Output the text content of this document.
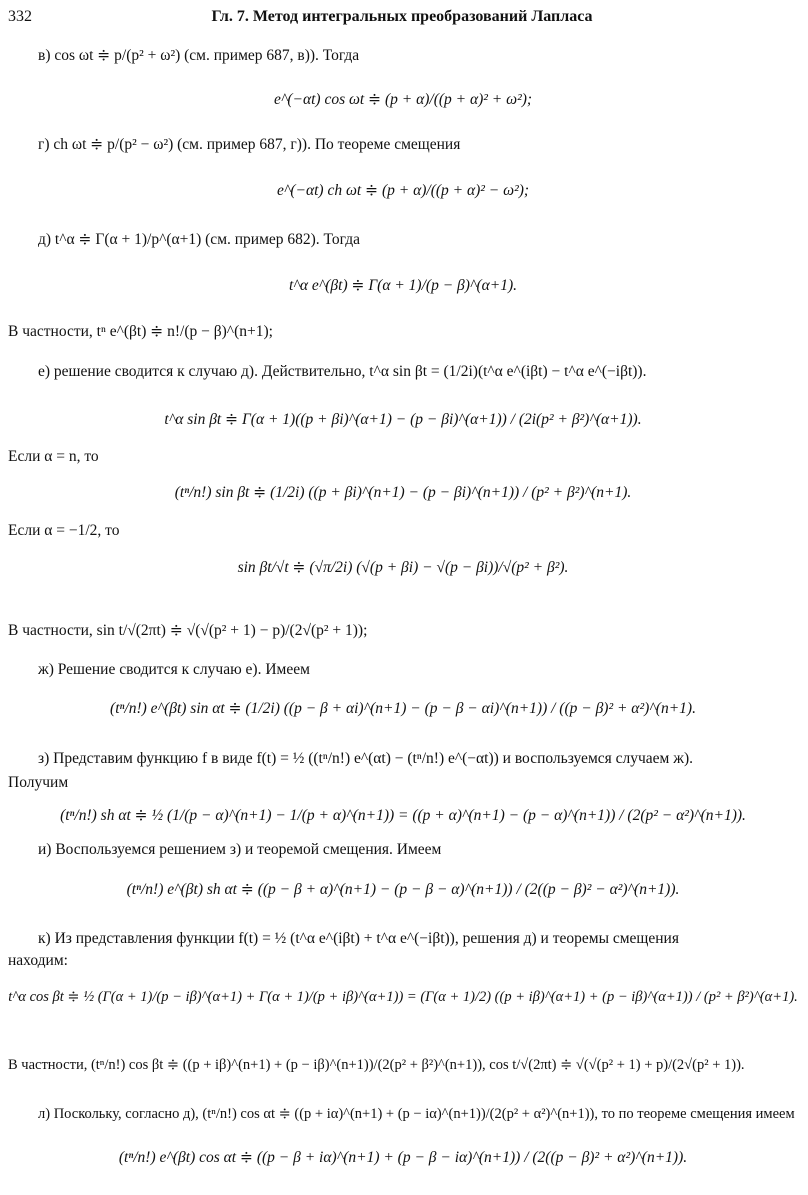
332	Гл. 7. Метод интегральных преобразований Лапласа
в) cos ωt ≑ p/(p² + ω²) (см. пример 687, в)). Тогда
e^(−αt) cos ωt ≑ (p + α)/((p + α)² + ω²);
г) ch ωt ≑ p/(p² − ω²) (см. пример 687, г)). По теореме смещения
e^(−αt) ch ωt ≑ (p + α)/((p + α)² − ω²);
д) t^α ≑ Γ(α + 1)/p^(α+1) (см. пример 682). Тогда
t^α e^(βt) ≑ Γ(α + 1)/(p − β)^(α+1).
В частности, tⁿ e^(βt) ≑ n!/(p − β)^(n+1);
е) решение сводится к случаю д). Действительно, t^α sin βt = (1/2i)(t^α e^(iβt) − t^α e^(−iβt)).
t^α sin βt ≑ Γ(α + 1)((p + βi)^(α+1) − (p − βi)^(α+1)) / (2i(p² + β²)^(α+1)).
Если α = n, то
(tⁿ/n!) sin βt ≑ (1/2i) ((p + βi)^(n+1) − (p − βi)^(n+1)) / (p² + β²)^(n+1).
Если α = −1/2, то
sin βt/√t ≑ (√π/2i) (√(p + βi) − √(p − βi))/√(p² + β²).
В частности, sin t/√(2πt) ≑ √(√(p² + 1) − p)/(2√(p² + 1));
ж) Решение сводится к случаю е). Имеем
(tⁿ/n!) e^(βt) sin αt ≑ (1/2i) ((p − β + αi)^(n+1) − (p − β − αi)^(n+1)) / ((p − β)² + α²)^(n+1).
з) Представим функцию f в виде f(t) = ½ ((tⁿ/n!) e^(αt) − (tⁿ/n!) e^(−αt)) и воспользуемся случаем ж).
Получим
(tⁿ/n!) sh αt ≑ ½ (1/(p − α)^(n+1) − 1/(p + α)^(n+1)) = ((p + α)^(n+1) − (p − α)^(n+1)) / (2(p² − α²)^(n+1)).
и) Воспользуемся решением з) и теоремой смещения. Имеем
(tⁿ/n!) e^(βt) sh αt ≑ ((p − β + α)^(n+1) − (p − β − α)^(n+1)) / (2((p − β)² − α²)^(n+1)).
к) Из представления функции f(t) = ½ (t^α e^(iβt) + t^α e^(−iβt)), решения д) и теоремы смещения
находим:
t^α cos βt ≑ ½ (Γ(α + 1)/(p − iβ)^(α+1) + Γ(α + 1)/(p + iβ)^(α+1)) = (Γ(α + 1)/2) ((p + iβ)^(α+1) + (p − iβ)^(α+1)) / (p² + β²)^(α+1).
В частности, (tⁿ/n!) cos βt ≑ ((p + iβ)^(n+1) + (p − iβ)^(n+1))/(2(p² + β²)^(n+1)), cos t/√(2πt) ≑ √(√(p² + 1) + p)/(2√(p² + 1)).
л) Поскольку, согласно д), (tⁿ/n!) cos αt ≑ ((p + iα)^(n+1) + (p − iα)^(n+1))/(2(p² + α²)^(n+1)), то по теореме смещения имеем
(tⁿ/n!) e^(βt) cos αt ≑ ((p − β + iα)^(n+1) + (p − β − iα)^(n+1)) / (2((p − β)² + α²)^(n+1)).
